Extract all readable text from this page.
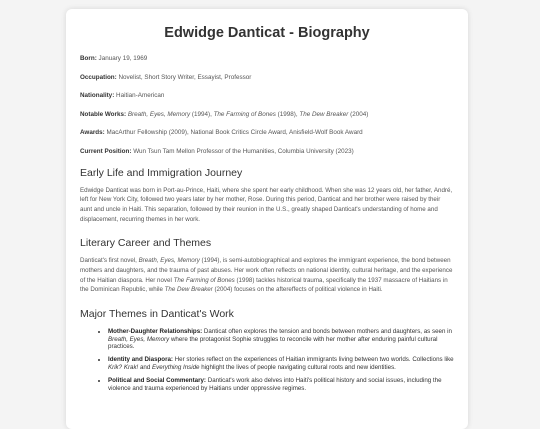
Edwidge Danticat - Biography

Born: January 19, 1969

Occupation: Novelist, Short Story Writer, Essayist, Professor

Nationality: Haitian-American

Notable Works: Breath, Eyes, Memory (1994), The Farming of Bones (1998), The Dew Breaker (2004)

Awards: MacArthur Fellowship (2009), National Book Critics Circle Award, Anisfield-Wolf Book Award

Current Position: Wun Tsun Tam Mellon Professor of the Humanities, Columbia University (2023)

Early Life and Immigration Journey

Edwidge Danticat was born in Port-au-Prince, Haiti, where she spent her early childhood. When she was 12 years old, her father, André, left for New York City, followed two years later by her mother, Rose. During this period, Danticat and her brother were raised by their aunt and uncle in Haiti. This separation, followed by their reunion in the U.S., greatly shaped Danticat's understanding of home and displacement, recurring themes in her work.

Literary Career and Themes

Danticat's first novel, Breath, Eyes, Memory (1994), is semi-autobiographical and explores the immigrant experience, the bond between mothers and daughters, and the trauma of past abuses. Her work often reflects on national identity, cultural heritage, and the experience of the Haitian diaspora. Her novel The Farming of Bones (1998) tackles historical trauma, specifically the 1937 massacre of Haitians in the Dominican Republic, while The Dew Breaker (2004) focuses on the aftereffects of political violence in Haiti.

Major Themes in Danticat's Work
• Mother-Daughter Relationships: Danticat often explores the tension and bonds between mothers and daughters, as seen in Breath, Eyes, Memory where the protagonist Sophie struggles to reconcile with her mother after enduring painful cultural practices.
• Identity and Diaspora: Her stories reflect on the experiences of Haitian immigrants living between two worlds. Collections like Krik? Krak! and Everything Inside highlight the lives of people navigating cultural roots and new identities.
• Political and Social Commentary: Danticat's work also delves into Haiti's political history and social issues, including the violence and trauma experienced by Haitians under oppressive regimes.
